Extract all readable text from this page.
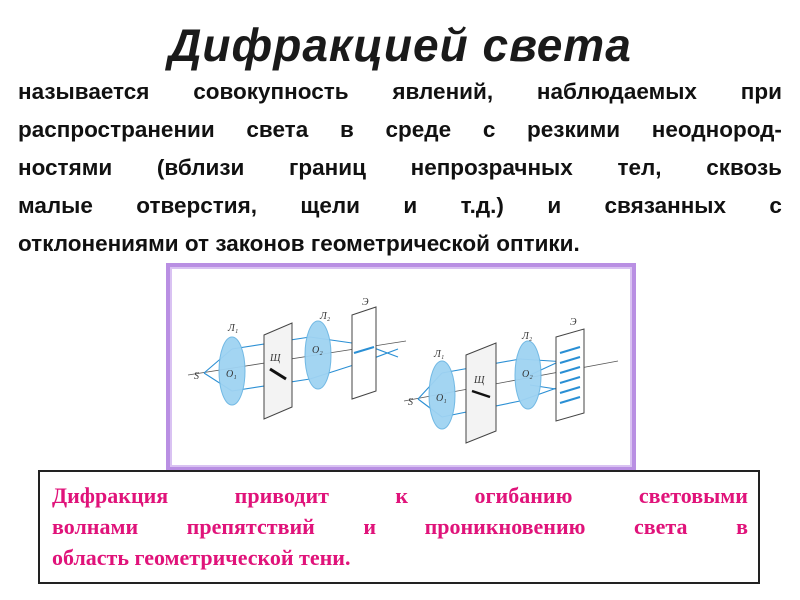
Дифракцией света
называется совокупность явлений, наблюдаемых при
распространении света в среде с резкими неоднород-
ностями (вблизи границ непрозрачных тел, сквозь
малые отверстия, щели и т.д.) и связанных с
отклонениями от законов геометрической оптики.
S
Л₁
O₁
Щ
Л₂
O₂
Э
S
Л₁
O₁
Щ
Л₂
O₂
Э
Дифракция	приводит	к	огибанию	световыми
волнами препятствий и проникновению света в
область геометрической тени.
